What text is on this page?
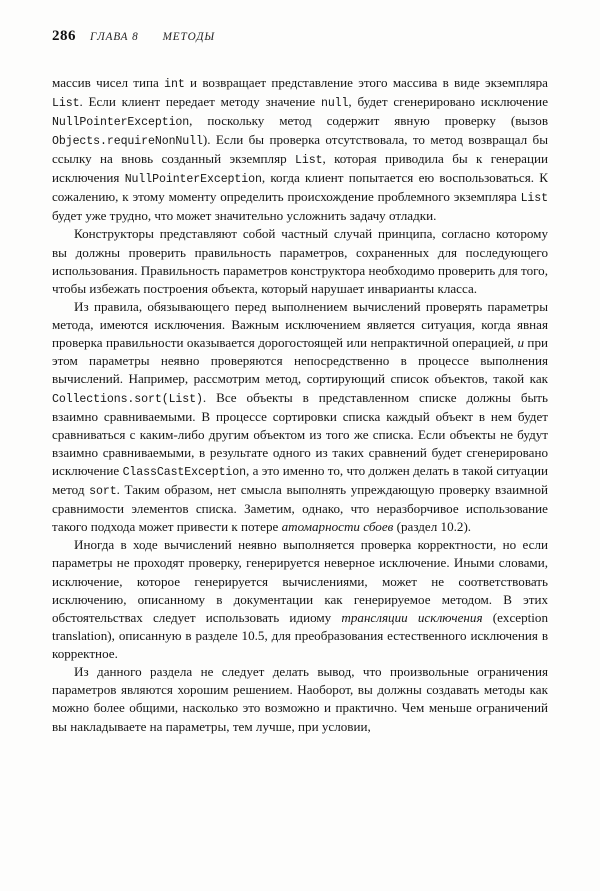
286 ГЛАВА 8 МЕТОДЫ

массив чисел типа int и возвращает представление этого массива в виде экземпляра List. Если клиент передает методу значение null, будет сгенерировано исключение NullPointerException, поскольку метод содержит явную проверку (вызов Objects.requireNonNull). Если бы проверка отсутствовала, то метод возвращал бы ссылку на вновь созданный экземпляр List, которая приводила бы к генерации исключения NullPointerException, когда клиент попытается ею воспользоваться. К сожалению, к этому моменту определить происхождение проблемного экземпляра List будет уже трудно, что может значительно усложнить задачу отладки.

Конструкторы представляют собой частный случай принципа, согласно которому вы должны проверить правильность параметров, сохраненных для последующего использования. Правильность параметров конструктора необходимо проверить для того, чтобы избежать построения объекта, который нарушает инварианты класса.

Из правила, обязывающего перед выполнением вычислений проверять параметры метода, имеются исключения. Важным исключением является ситуация, когда явная проверка правильности оказывается дорогостоящей или непрактичной операцией, и при этом параметры неявно проверяются непосредственно в процессе выполнения вычислений. Например, рассмотрим метод, сортирующий список объектов, такой как Collections.sort(List). Все объекты в представленном списке должны быть взаимно сравниваемыми. В процессе сортировки списка каждый объект в нем будет сравниваться с каким-либо другим объектом из того же списка. Если объекты не будут взаимно сравниваемыми, в результате одного из таких сравнений будет сгенерировано исключение ClassCastException, а это именно то, что должен делать в такой ситуации метод sort. Таким образом, нет смысла выполнять упреждающую проверку взаимной сравнимости элементов списка. Заметим, однако, что неразборчивое использование такого подхода может привести к потере атомарности сбоев (раздел 10.2).

Иногда в ходе вычислений неявно выполняется проверка корректности, но если параметры не проходят проверку, генерируется неверное исключение. Иными словами, исключение, которое генерируется вычислениями, может не соответствовать исключению, описанному в документации как генерируемое методом. В этих обстоятельствах следует использовать идиому трансляции исключения (exception translation), описанную в разделе 10.5, для преобразования естественного исключения в корректное.

Из данного раздела не следует делать вывод, что произвольные ограничения параметров являются хорошим решением. Наоборот, вы должны создавать методы как можно более общими, насколько это возможно и практично. Чем меньше ограничений вы накладываете на параметры, тем лучше, при условии,
